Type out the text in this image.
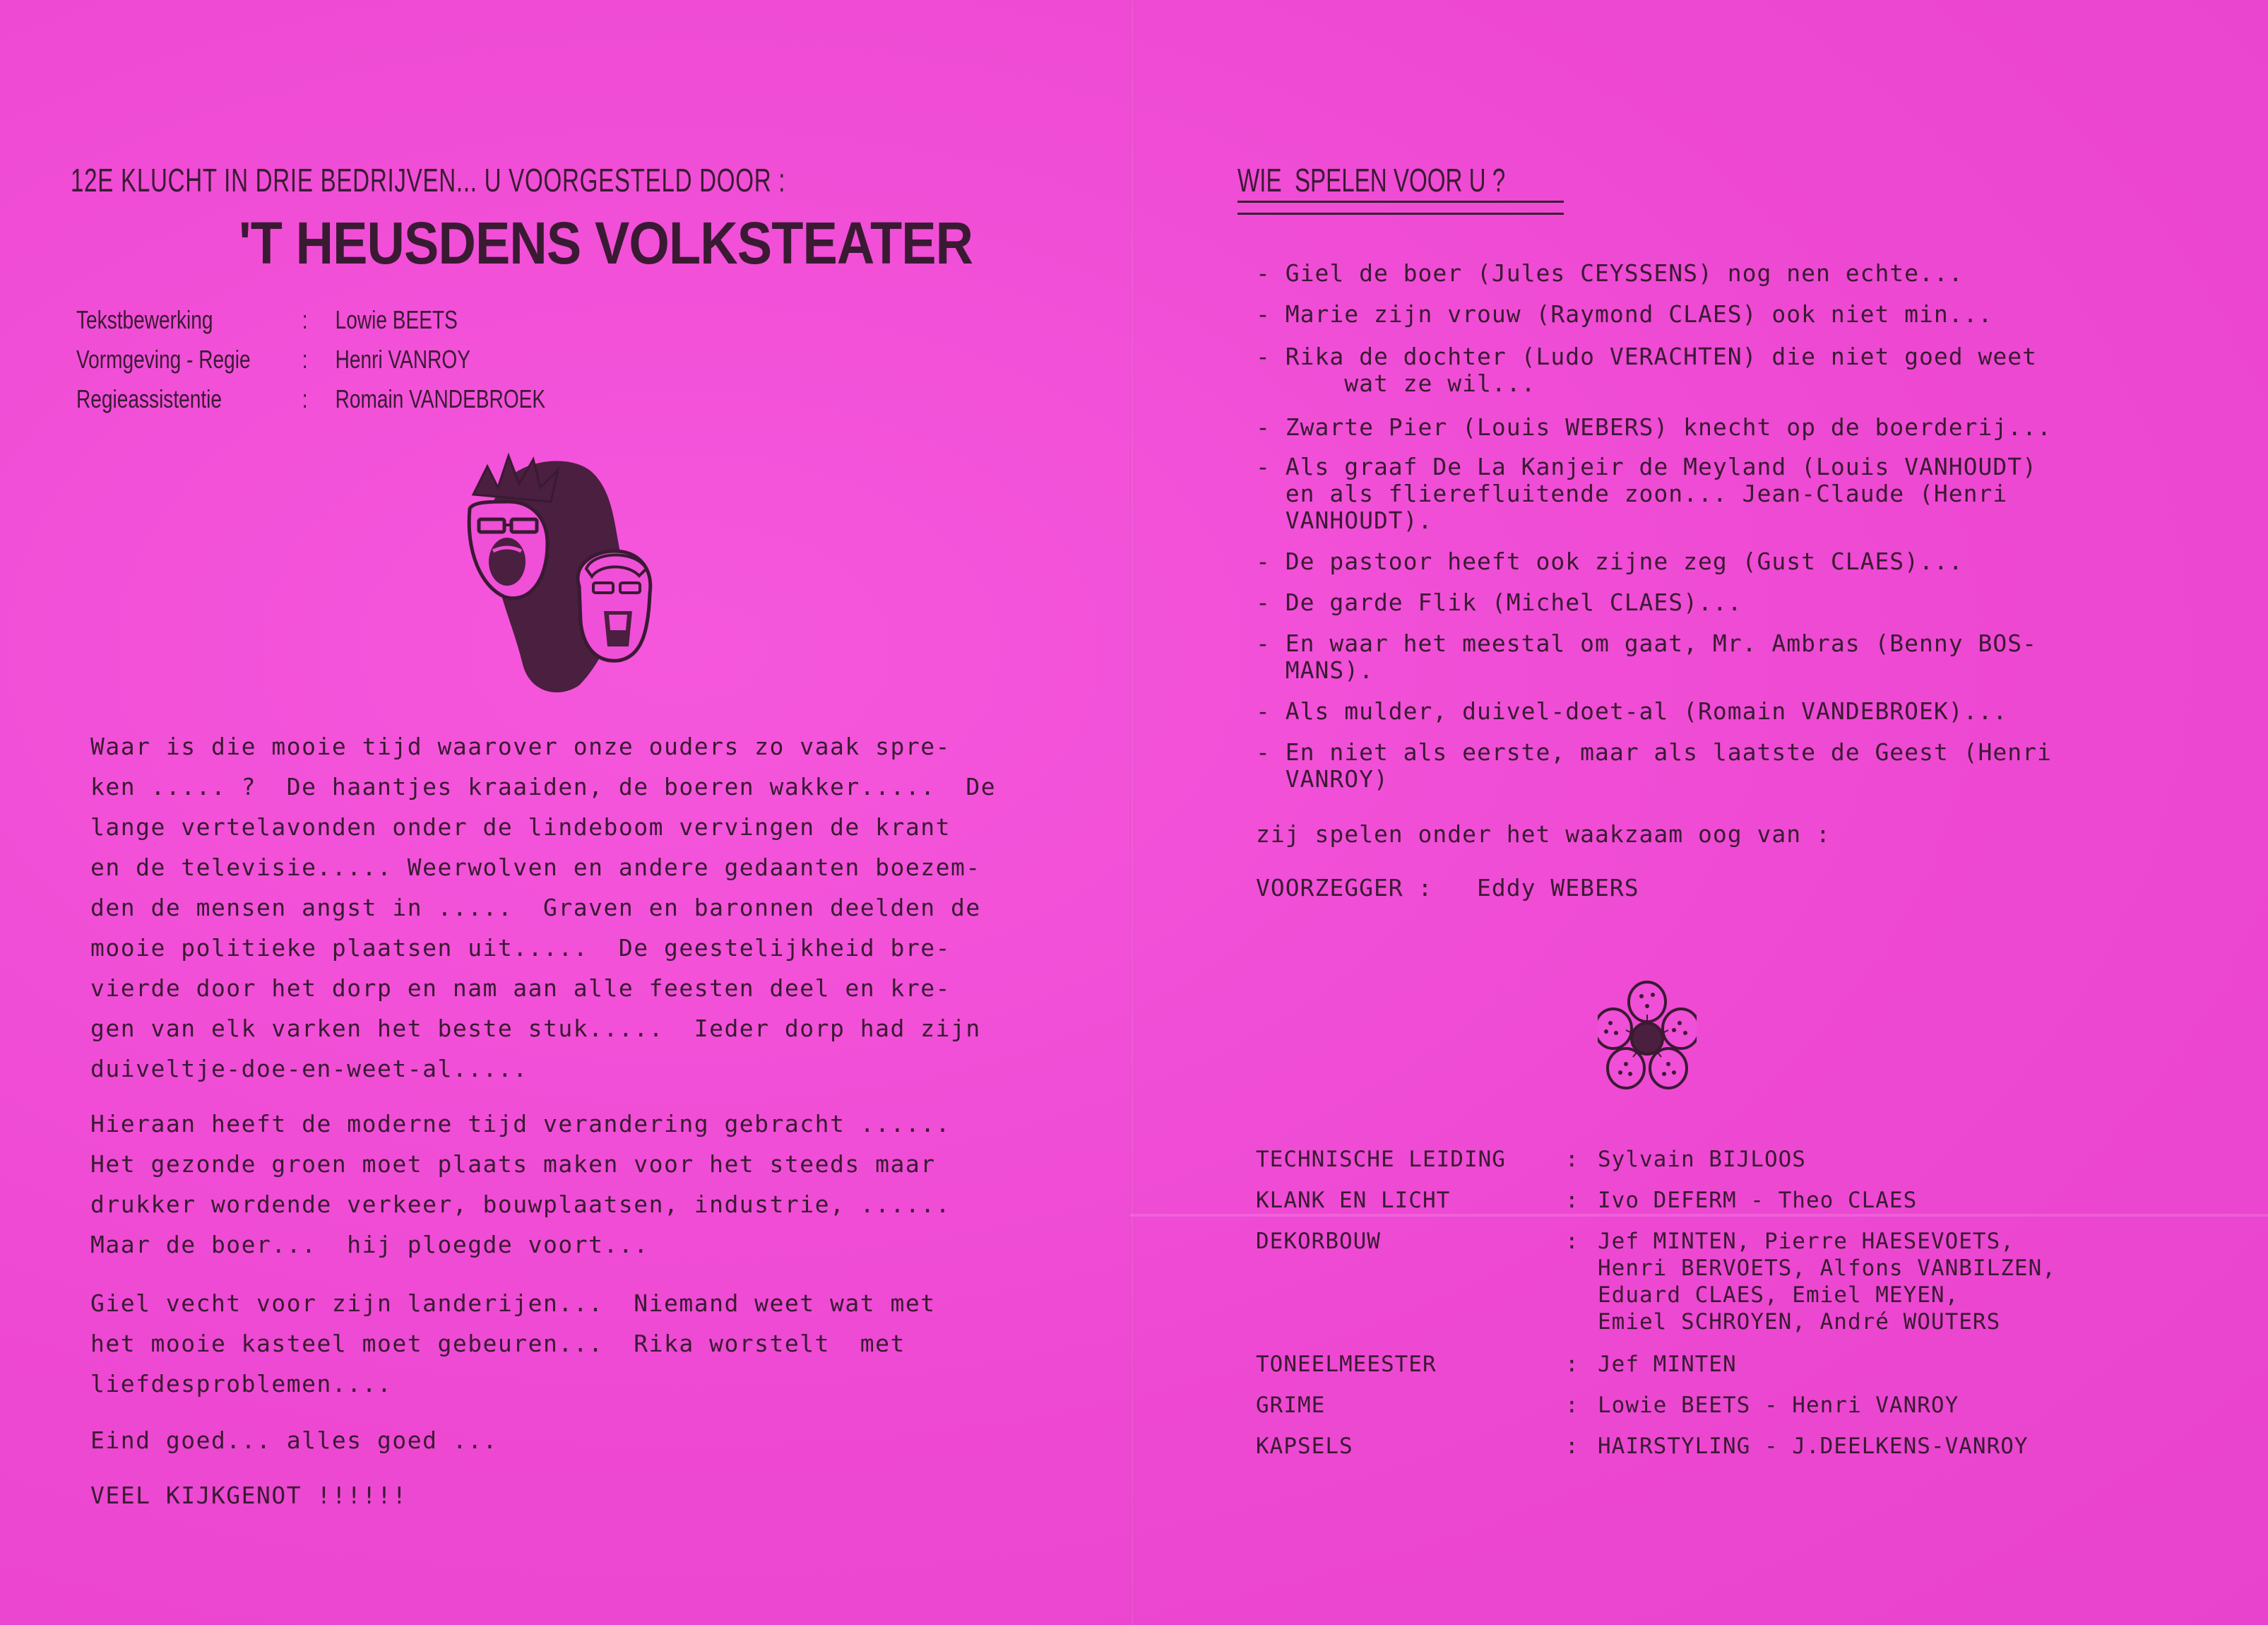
12E KLUCHT IN DRIE BEDRIJVEN... U VOORGESTELD DOOR :
'T HEUSDENS VOLKSTEATER
Tekstbewerking	: Lowie BEETS
Vormgeving - Regie : Henri VANROY
Regieassistentie	: Romain VANDEBROEK

Waar is die mooie tijd waarover onze ouders zo vaak spre-

ken ..... ?  De haantjes kraaiden, de boeren wakker.....  De

lange vertelavonden onder de lindeboom vervingen de krant

en de televisie..... Weerwolven en andere gedaanten boezem-

den de mensen angst in .....  Graven en baronnen deelden de

mooie politieke plaatsen uit.....  De geestelijkheid bre-

vierde door het dorp en nam aan alle feesten deel en kre-

gen van elk varken het beste stuk.....  Ieder dorp had zijn

duiveltje-doe-en-weet-al.....

Hieraan heeft de moderne tijd verandering gebracht ......

Het gezonde groen moet plaats maken voor het steeds maar

drukker wordende verkeer, bouwplaatsen, industrie, ......

Maar de boer...  hij ploegde voort...

Giel vecht voor zijn landerijen...  Niemand weet wat met

het mooie kasteel moet gebeuren...  Rika worstelt  met

liefdesproblemen....

Eind goed... alles goed ...

VEEL KIJKGENOT !!!!!!

WIE  SPELEN VOOR U ?
- Giel de boer (Jules CEYSSENS) nog nen echte...
- Marie zijn vrouw (Raymond CLAES) ook niet min...
- Rika de dochter (Ludo VERACHTEN) die niet goed weet
wat ze wil...
- Zwarte Pier (Louis WEBERS) knecht op de boerderij...
- Als graaf De La Kanjeir de Meyland (Louis VANHOUDT)
en als flierefluitende zoon... Jean-Claude (Henri
VANHOUDT).
- De pastoor heeft ook zijne zeg (Gust CLAES)...
- De garde Flik (Michel CLAES)...
- En waar het meestal om gaat, Mr. Ambras (Benny BOS-
MANS).
- Als mulder, duivel-doet-al (Romain VANDEBROEK)...
- En niet als eerste, maar als laatste de Geest (Henri
VANROY)
zij spelen onder het waakzaam oog van :
VOORZEGGER :   Eddy WEBERS
TECHNISCHE LEIDING	: Sylvain BIJLOOS
KLANK EN LICHT	: Ivo DEFERM - Theo CLAES
DEKORBOUW	: Jef MINTEN, Pierre HAESEVOETS,
Henri BERVOETS, Alfons VANBILZEN,
Eduard CLAES, Emiel MEYEN,
Emiel SCHROYEN, André WOUTERS
TONEELMEESTER	: Jef MINTEN
GRIME	: Lowie BEETS - Henri VANROY
KAPSELS	: HAIRSTYLING - J.DEELKENS-VANROY
